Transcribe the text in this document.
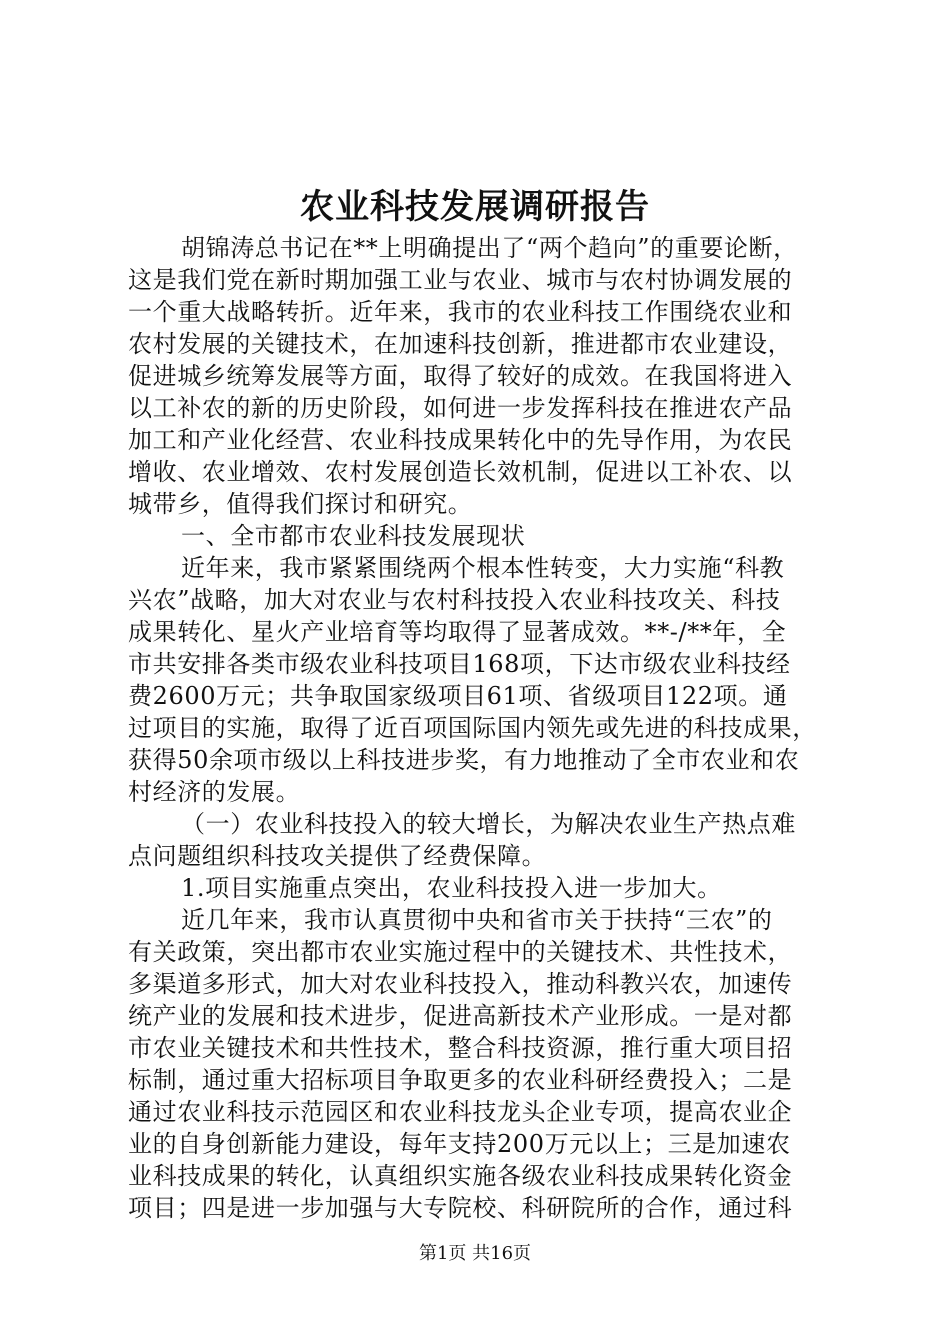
农业科技发展调研报告
胡锦涛总书记在**上明确提出了“两个趋向”的重要论断，
这是我们党在新时期加强工业与农业、城市与农村协调发展的
一个重大战略转折。近年来，我市的农业科技工作围绕农业和
农村发展的关键技术，在加速科技创新，推进都市农业建设，
促进城乡统筹发展等方面，取得了较好的成效。在我国将进入
以工补农的新的历史阶段，如何进一步发挥科技在推进农产品
加工和产业化经营、农业科技成果转化中的先导作用，为农民
增收、农业增效、农村发展创造长效机制，促进以工补农、以
城带乡，值得我们探讨和研究。
一、全市都市农业科技发展现状
近年来，我市紧紧围绕两个根本性转变，大力实施“科教
兴农”战略，加大对农业与农村科技投入农业科技攻关、科技
成果转化、星火产业培育等均取得了显著成效。**-/**年，全
市共安排各类市级农业科技项目168项，下达市级农业科技经
费2600万元；共争取国家级项目61项、省级项目122项。通
过项目的实施，取得了近百项国际国内领先或先进的科技成果，
获得50余项市级以上科技进步奖，有力地推动了全市农业和农
村经济的发展。
（一）农业科技投入的较大增长，为解决农业生产热点难
点问题组织科技攻关提供了经费保障。
1.项目实施重点突出，农业科技投入进一步加大。
近几年来，我市认真贯彻中央和省市关于扶持“三农”的
有关政策，突出都市农业实施过程中的关键技术、共性技术，
多渠道多形式，加大对农业科技投入，推动科教兴农，加速传
统产业的发展和技术进步，促进高新技术产业形成。一是对都
市农业关键技术和共性技术，整合科技资源，推行重大项目招
标制，通过重大招标项目争取更多的农业科研经费投入；二是
通过农业科技示范园区和农业科技龙头企业专项，提高农业企
业的自身创新能力建设，每年支持200万元以上；三是加速农
业科技成果的转化，认真组织实施各级农业科技成果转化资金
项目；四是进一步加强与大专院校、科研院所的合作，通过科
第1页 共16页
